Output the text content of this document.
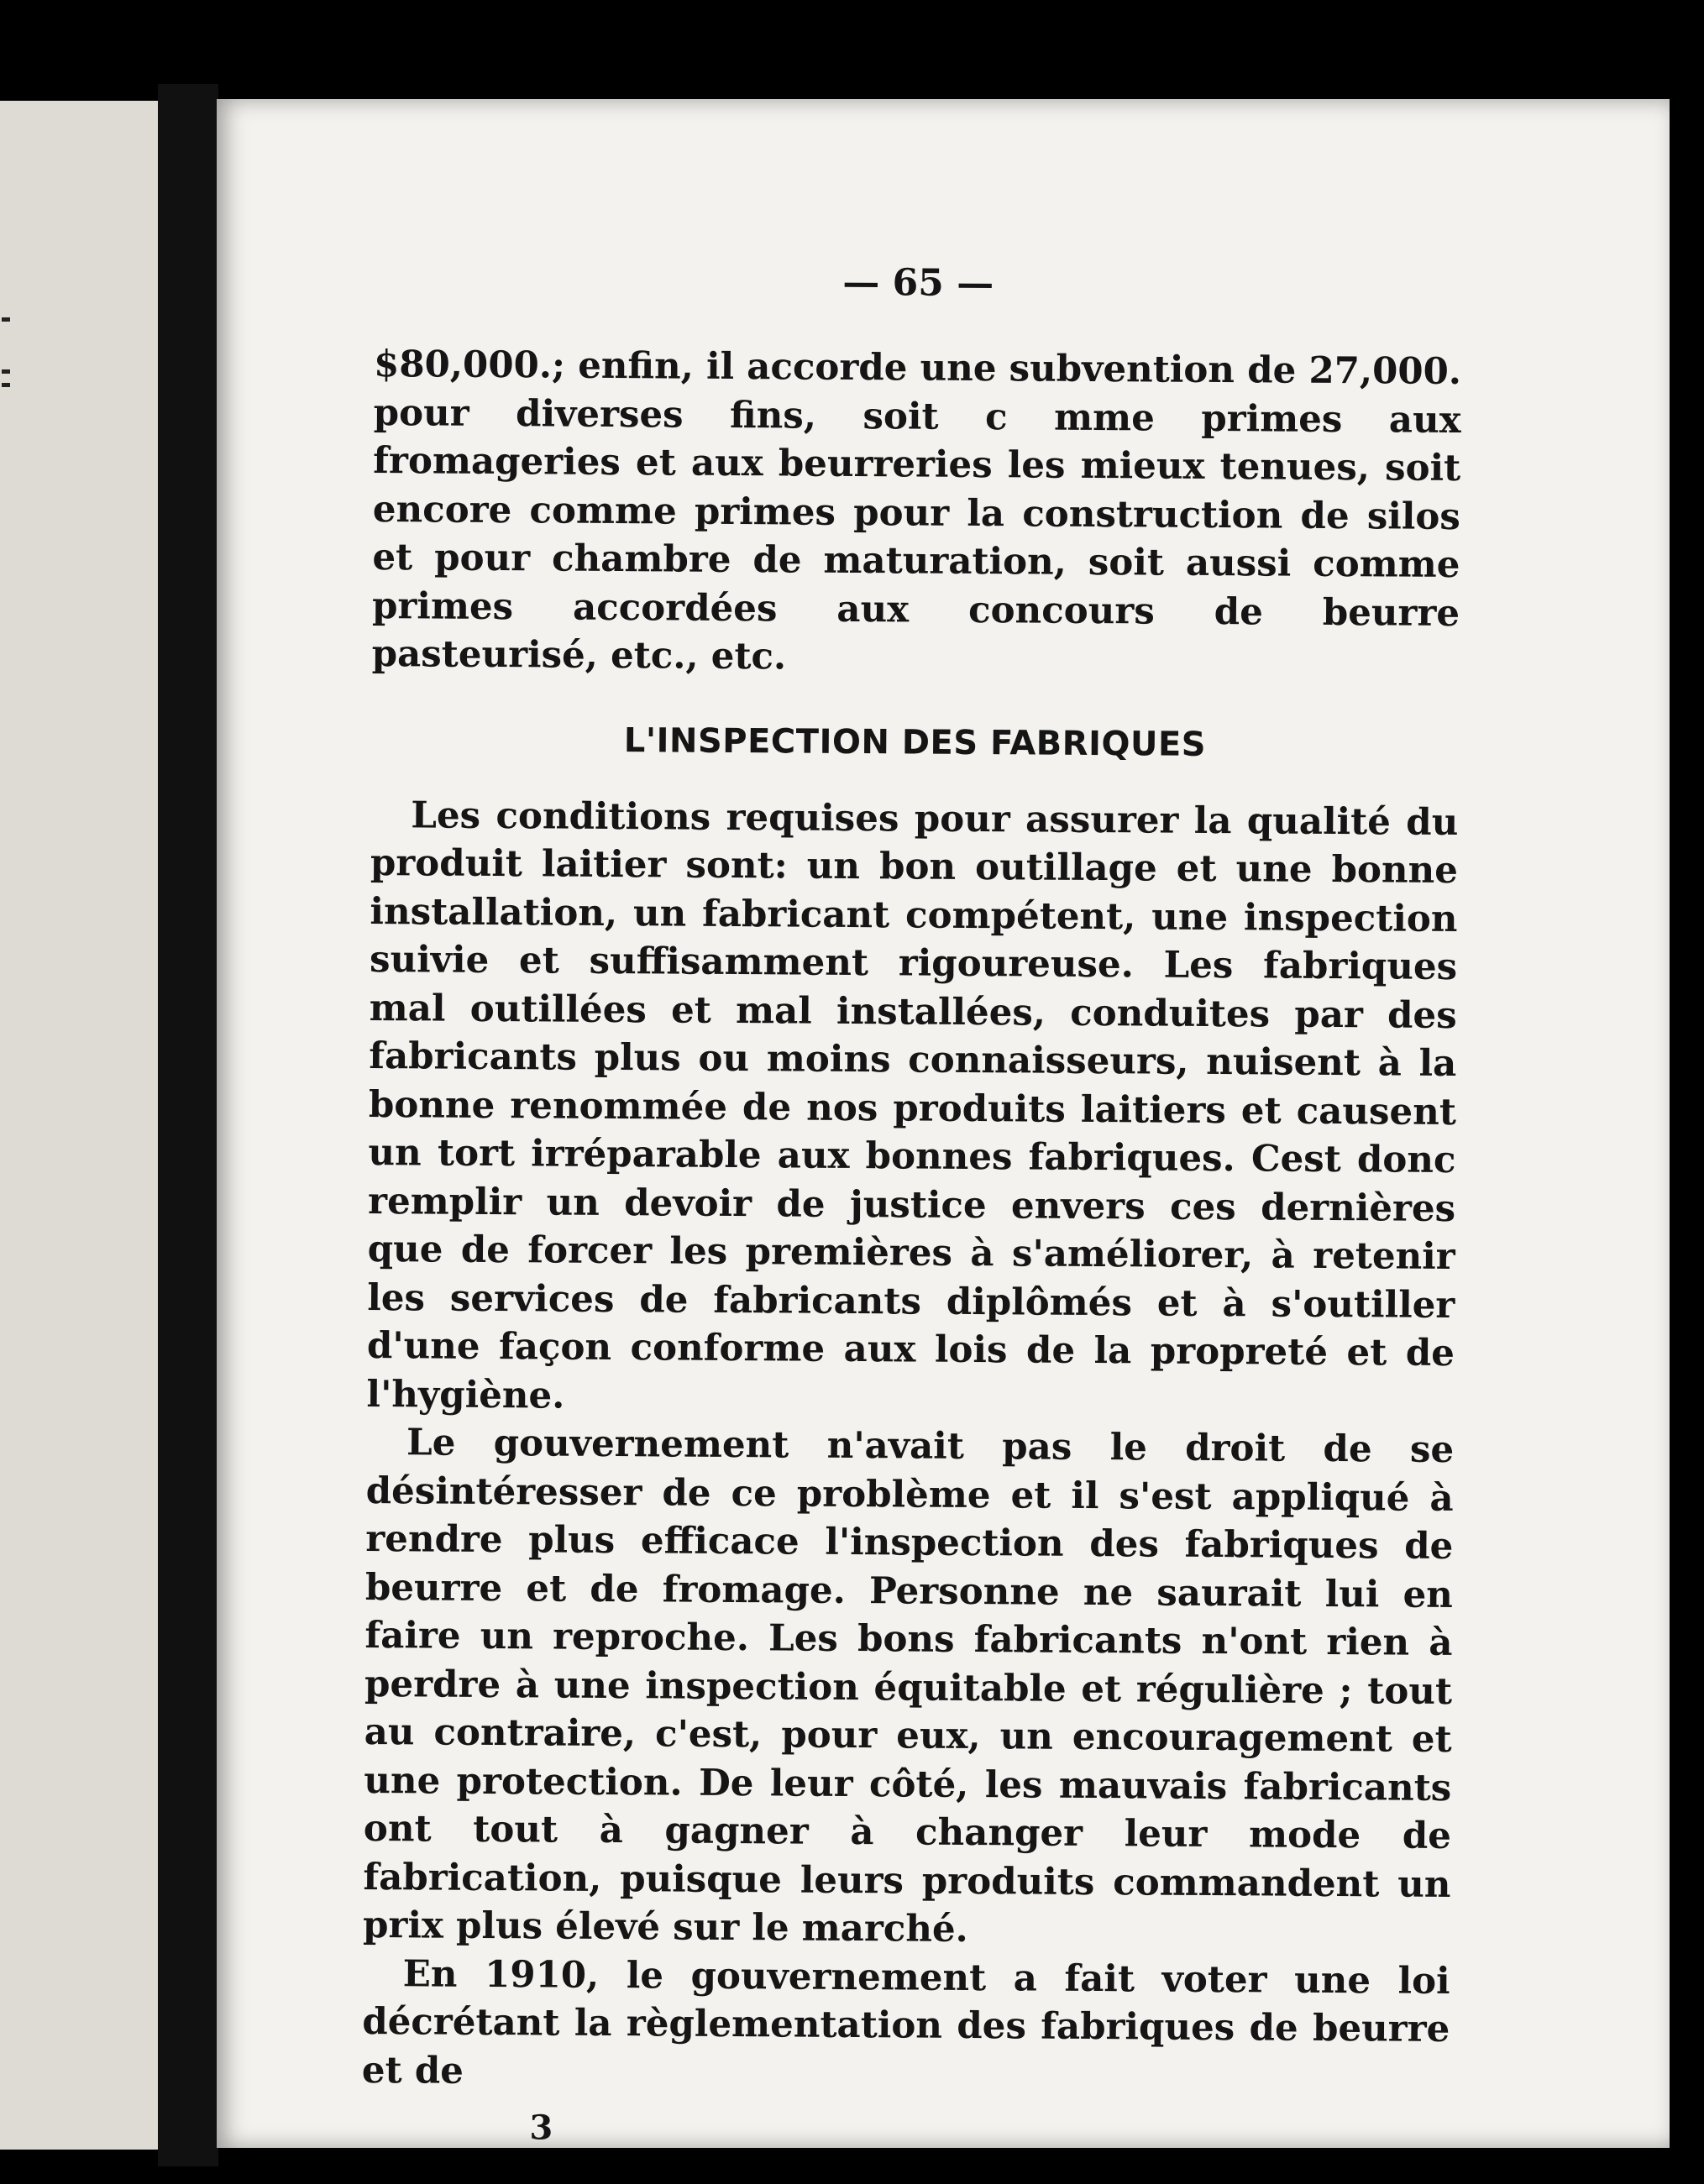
— 65 —

$80,000.; enfin, il accorde une subvention de 27,000. pour diverses fins, soit c mme primes aux fromageries et aux beurreries les mieux tenues, soit encore comme primes pour la construction de silos et pour chambre de maturation, soit aussi comme primes accordées aux concours de beurre pasteurisé, etc., etc.

L'INSPECTION DES FABRIQUES

Les conditions requises pour assurer la qualité du produit laitier sont: un bon outillage et une bonne installation, un fabricant compétent, une inspection suivie et suffisamment rigoureuse. Les fabriques mal outillées et mal installées, conduites par des fabricants plus ou moins connaisseurs, nuisent à la bonne renommée de nos produits laitiers et causent un tort irréparable aux bonnes fabriques. Cest donc remplir un devoir de justice envers ces dernières que de forcer les premières à s'améliorer, à retenir les services de fabricants diplômés et à s'outiller d'une façon conforme aux lois de la propreté et de l'hygiène.

Le gouvernement n'avait pas le droit de se désintéresser de ce problème et il s'est appliqué à rendre plus efficace l'inspection des fabriques de beurre et de fromage. Personne ne saurait lui en faire un reproche. Les bons fabricants n'ont rien à perdre à une inspection équitable et régulière ; tout au contraire, c'est, pour eux, un encouragement et une protection. De leur côté, les mauvais fabricants ont tout à gagner à changer leur mode de fabrication, puisque leurs produits commandent un prix plus élevé sur le marché.

En 1910, le gouvernement a fait voter une loi décrétant la règlementation des fabriques de beurre et de

3
